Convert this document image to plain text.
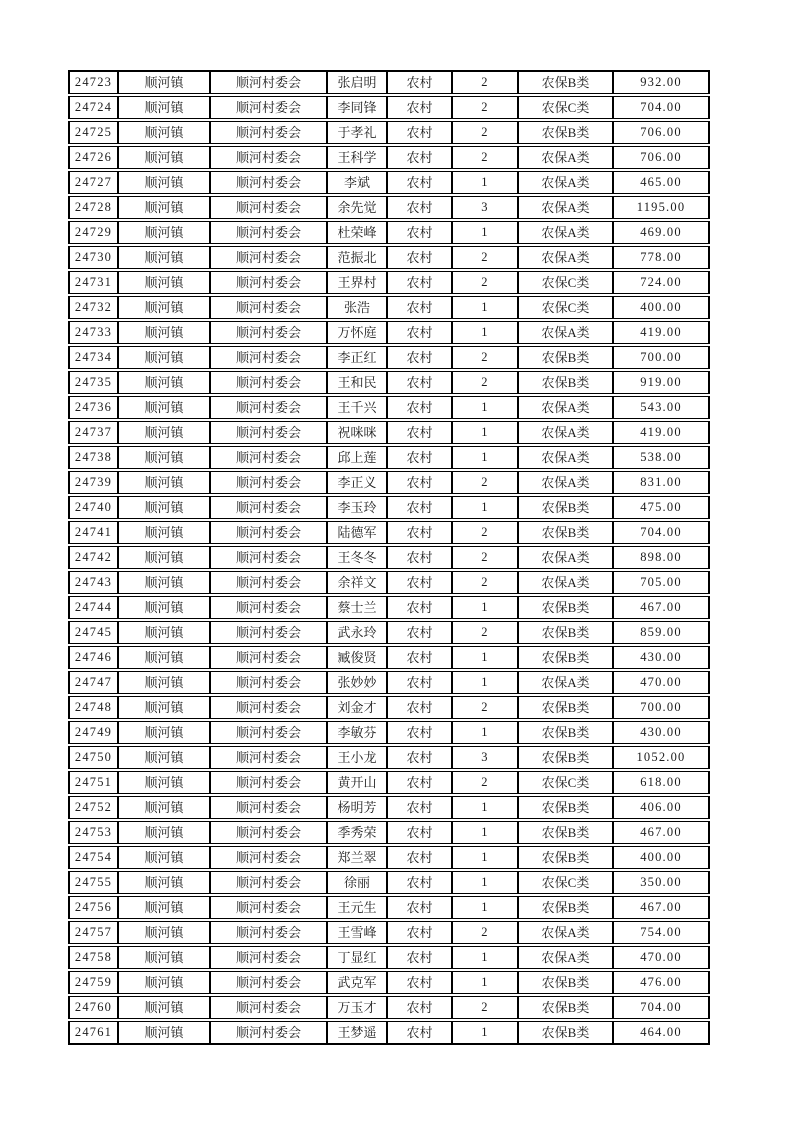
24723	顺河镇	顺河村委会	张启明	农村	2	农保B类	932.00
24724	顺河镇	顺河村委会	李同锋	农村	2	农保C类	704.00
24725	顺河镇	顺河村委会	于孝礼	农村	2	农保B类	706.00
24726	顺河镇	顺河村委会	王科学	农村	2	农保A类	706.00
24727	顺河镇	顺河村委会	李斌	农村	1	农保A类	465.00
24728	顺河镇	顺河村委会	余先觉	农村	3	农保A类	1195.00
24729	顺河镇	顺河村委会	杜荣峰	农村	1	农保A类	469.00
24730	顺河镇	顺河村委会	范振北	农村	2	农保A类	778.00
24731	顺河镇	顺河村委会	王界村	农村	2	农保C类	724.00
24732	顺河镇	顺河村委会	张浩	农村	1	农保C类	400.00
24733	顺河镇	顺河村委会	万怀庭	农村	1	农保A类	419.00
24734	顺河镇	顺河村委会	李正红	农村	2	农保B类	700.00
24735	顺河镇	顺河村委会	王和民	农村	2	农保B类	919.00
24736	顺河镇	顺河村委会	王千兴	农村	1	农保A类	543.00
24737	顺河镇	顺河村委会	祝咪咪	农村	1	农保A类	419.00
24738	顺河镇	顺河村委会	邱上莲	农村	1	农保A类	538.00
24739	顺河镇	顺河村委会	李正义	农村	2	农保A类	831.00
24740	顺河镇	顺河村委会	李玉玲	农村	1	农保B类	475.00
24741	顺河镇	顺河村委会	陆德军	农村	2	农保B类	704.00
24742	顺河镇	顺河村委会	王冬冬	农村	2	农保A类	898.00
24743	顺河镇	顺河村委会	余祥文	农村	2	农保A类	705.00
24744	顺河镇	顺河村委会	蔡士兰	农村	1	农保B类	467.00
24745	顺河镇	顺河村委会	武永玲	农村	2	农保B类	859.00
24746	顺河镇	顺河村委会	臧俊贤	农村	1	农保B类	430.00
24747	顺河镇	顺河村委会	张妙妙	农村	1	农保A类	470.00
24748	顺河镇	顺河村委会	刘金才	农村	2	农保B类	700.00
24749	顺河镇	顺河村委会	李敏芬	农村	1	农保B类	430.00
24750	顺河镇	顺河村委会	王小龙	农村	3	农保B类	1052.00
24751	顺河镇	顺河村委会	黄开山	农村	2	农保C类	618.00
24752	顺河镇	顺河村委会	杨明芳	农村	1	农保B类	406.00
24753	顺河镇	顺河村委会	季秀荣	农村	1	农保B类	467.00
24754	顺河镇	顺河村委会	郑兰翠	农村	1	农保B类	400.00
24755	顺河镇	顺河村委会	徐丽	农村	1	农保C类	350.00
24756	顺河镇	顺河村委会	王元生	农村	1	农保B类	467.00
24757	顺河镇	顺河村委会	王雪峰	农村	2	农保A类	754.00
24758	顺河镇	顺河村委会	丁显红	农村	1	农保A类	470.00
24759	顺河镇	顺河村委会	武克军	农村	1	农保B类	476.00
24760	顺河镇	顺河村委会	万玉才	农村	2	农保B类	704.00
24761	顺河镇	顺河村委会	王梦遥	农村	1	农保B类	464.00
